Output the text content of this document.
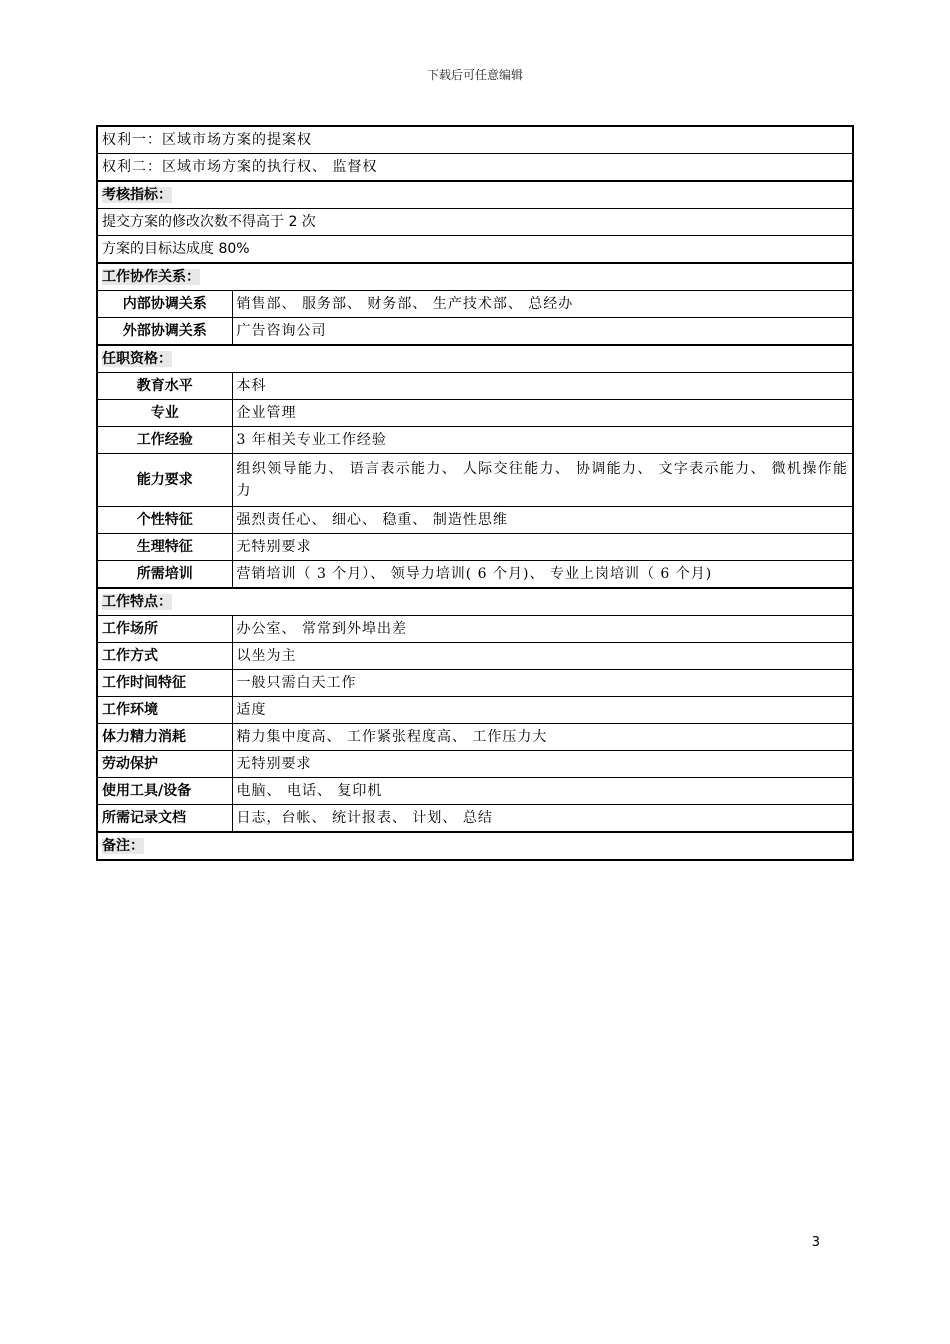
下载后可任意编辑
权利一：区域市场方案的提案权	
权利二：区域市场方案的执行权、 监督权	
考核指标：	
提交方案的修改次数不得高于 2 次	
方案的目标达成度 80%	
工作协作关系：	
内部协调关系	销售部、 服务部、 财务部、 生产技术部、 总经办
外部协调关系	广告咨询公司
任职资格：	
教育水平	本科
专业	企业管理
工作经验	3 年相关专业工作经验
能力要求	组织领导能力、 语言表示能力、 人际交往能力、 协调能力、 文字表示能力、 微机操作能力
个性特征	强烈责任心、 细心、 稳重、 制造性思维
生理特征	无特别要求
所需培训	营销培训（ 3 个月）、 领导力培训( 6 个月)、 专业上岗培训（ 6 个月)
工作特点：	
工作场所	办公室、 常常到外埠出差
工作方式	以坐为主
工作时间特征	一般只需白天工作
工作环境	适度
体力精力消耗	精力集中度高、 工作紧张程度高、 工作压力大
劳动保护	无特别要求
使用工具/设备	电脑、 电话、 复印机
所需记录文档	日志，台帐、 统计报表、 计划、 总结
备注：	
3
